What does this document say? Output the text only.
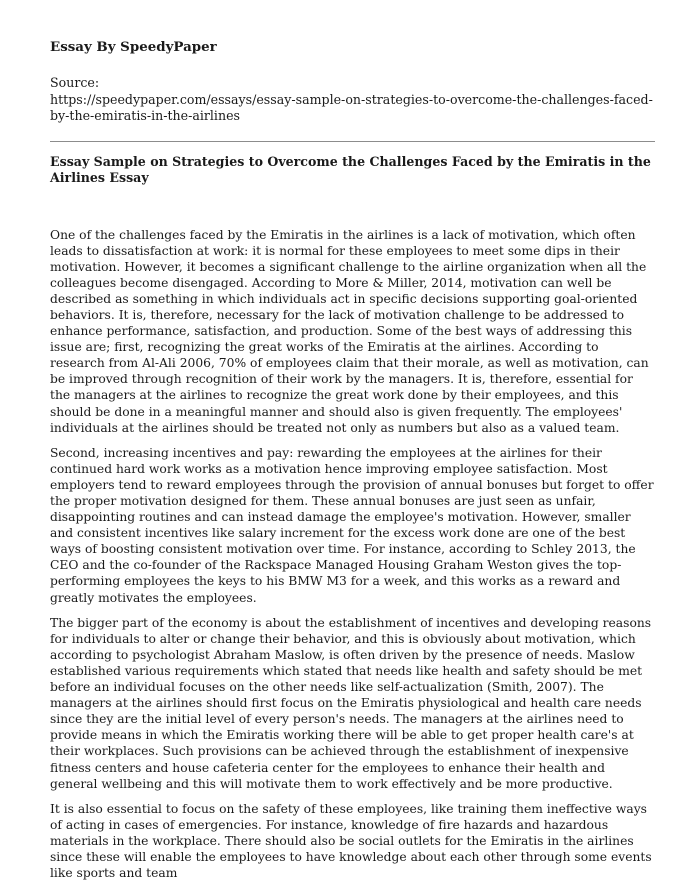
Essay By SpeedyPaper

Source:

https://speedypaper.com/essays/essay-sample-on-strategies-to-overcome-the-challenges-faced-by-the-emiratis-in-the-airlines

Essay Sample on Strategies to Overcome the Challenges Faced by the Emiratis in the Airlines Essay

One of the challenges faced by the Emiratis in the airlines is a lack of motivation, which often leads to dissatisfaction at work: it is normal for these employees to meet some dips in their motivation. However, it becomes a significant challenge to the airline organization when all the colleagues become disengaged. According to More & Miller, 2014, motivation can well be described as something in which individuals act in specific decisions supporting goal-oriented behaviors. It is, therefore, necessary for the lack of motivation challenge to be addressed to enhance performance, satisfaction, and production. Some of the best ways of addressing this issue are; first, recognizing the great works of the Emiratis at the airlines. According to research from Al-Ali 2006, 70% of employees claim that their morale, as well as motivation, can be improved through recognition of their work by the managers. It is, therefore, essential for the managers at the airlines to recognize the great work done by their employees, and this should be done in a meaningful manner and should also is given frequently. The employees' individuals at the airlines should be treated not only as numbers but also as a valued team.

Second, increasing incentives and pay: rewarding the employees at the airlines for their continued hard work works as a motivation hence improving employee satisfaction. Most employers tend to reward employees through the provision of annual bonuses but forget to offer the proper motivation designed for them. These annual bonuses are just seen as unfair, disappointing routines and can instead damage the employee's motivation. However, smaller and consistent incentives like salary increment for the excess work done are one of the best ways of boosting consistent motivation over time. For instance, according to Schley 2013, the CEO and the co-founder of the Rackspace Managed Housing Graham Weston gives the top-performing employees the keys to his BMW M3 for a week, and this works as a reward and greatly motivates the employees.

The bigger part of the economy is about the establishment of incentives and developing reasons for individuals to alter or change their behavior, and this is obviously about motivation, which according to psychologist Abraham Maslow, is often driven by the presence of needs. Maslow established various requirements which stated that needs like health and safety should be met before an individual focuses on the other needs like self-actualization (Smith, 2007). The managers at the airlines should first focus on the Emiratis physiological and health care needs since they are the initial level of every person's needs. The managers at the airlines need to provide means in which the Emiratis working there will be able to get proper health care's at their workplaces. Such provisions can be achieved through the establishment of inexpensive fitness centers and house cafeteria center for the employees to enhance their health and general wellbeing and this will motivate them to work effectively and be more productive.

It is also essential to focus on the safety of these employees, like training them ineffective ways of acting in cases of emergencies. For instance, knowledge of fire hazards and hazardous materials in the workplace. There should also be social outlets for the Emiratis in the airlines since these will enable the employees to have knowledge about each other through some events like sports and team
